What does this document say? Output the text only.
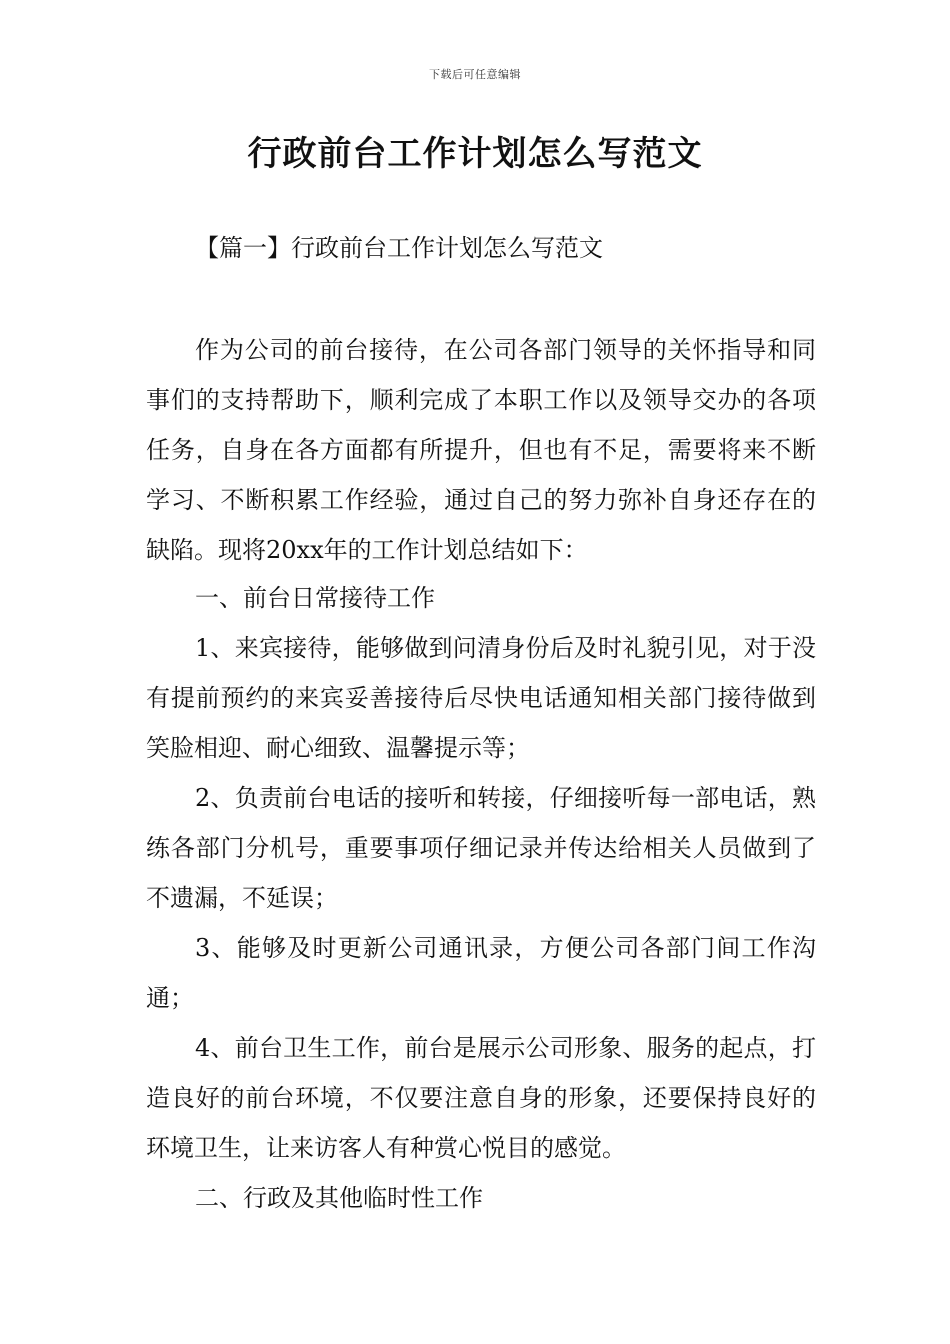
下载后可任意编辑
行政前台工作计划怎么写范文
【篇一】行政前台工作计划怎么写范文

作为公司的前台接待，在公司各部门领导的关怀指导和同事们的支持帮助下，顺利完成了本职工作以及领导交办的各项任务，自身在各方面都有所提升，但也有不足，需要将来不断学习、不断积累工作经验，通过自己的努力弥补自身还存在的缺陷。现将20xx年的工作计划总结如下：

一、前台日常接待工作

1、来宾接待，能够做到问清身份后及时礼貌引见，对于没有提前预约的来宾妥善接待后尽快电话通知相关部门接待做到笑脸相迎、耐心细致、温馨提示等；

2、负责前台电话的接听和转接，仔细接听每一部电话，熟练各部门分机号，重要事项仔细记录并传达给相关人员做到了不遗漏，不延误；

3、能够及时更新公司通讯录，方便公司各部门间工作沟通；

4、前台卫生工作，前台是展示公司形象、服务的起点，打造良好的前台环境，不仅要注意自身的形象，还要保持良好的环境卫生，让来访客人有种赏心悦目的感觉。

二、行政及其他临时性工作
